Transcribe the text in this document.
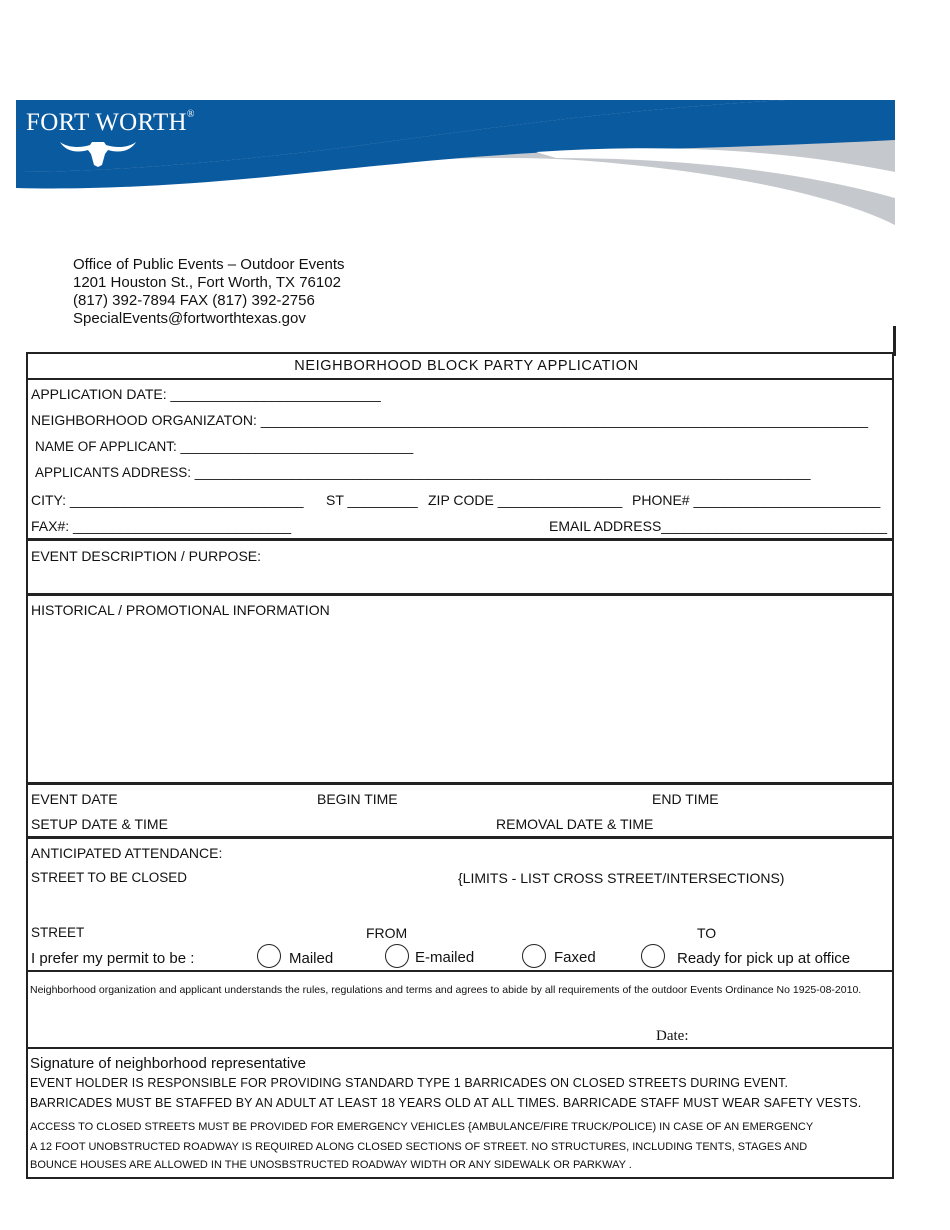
FORT WORTH®
Office of Public Events – Outdoor Events
1201 Houston St., Fort Worth, TX 76102
(817) 392-7894 FAX (817) 392-2756
SpecialEvents@fortworthtexas.gov
NEIGHBORHOOD BLOCK PARTY APPLICATION
APPLICATION DATE: ___________________________
NEIGHBORHOOD ORGANIZATON: ______________________________________________________________________________
NAME OF APPLICANT: _______________________________
APPLICANTS ADDRESS: __________________________________________________________________________________
CITY: ______________________________ ST _________ ZIP CODE ________________ PHONE# ________________________
FAX#: ____________________________	EMAIL ADDRESS_____________________________
EVENT DESCRIPTION / PURPOSE:
HISTORICAL / PROMOTIONAL INFORMATION
EVENT DATE	BEGIN TIME	END TIME
SETUP DATE & TIME	REMOVAL DATE & TIME
ANTICIPATED ATTENDANCE:
STREET TO BE CLOSED	{LIMITS - LIST CROSS STREET/INTERSECTIONS)
STREET	FROM	TO
I prefer my permit to be :	Mailed	E-mailed	Faxed	Ready for pick up at office
Neighborhood organization and applicant understands the rules, regulations and terms and agrees to abide by all requirements of the outdoor Events Ordinance No 1925-08-2010.
Date:
Signature of neighborhood representative
EVENT HOLDER IS RESPONSIBLE FOR PROVIDING STANDARD TYPE 1 BARRICADES ON CLOSED STREETS DURING EVENT.
BARRICADES MUST BE STAFFED BY AN ADULT AT LEAST 18 YEARS OLD AT ALL TIMES. BARRICADE STAFF MUST WEAR SAFETY VESTS.
ACCESS TO CLOSED STREETS MUST BE PROVIDED FOR EMERGENCY VEHICLES {AMBULANCE/FIRE TRUCK/POLICE) IN CASE OF AN EMERGENCY
A 12 FOOT UNOBSTRUCTED ROADWAY IS REQUIRED ALONG CLOSED SECTIONS OF STREET. NO STRUCTURES, INCLUDING TENTS, STAGES AND
BOUNCE HOUSES ARE ALLOWED IN THE UNOSBSTRUCTED ROADWAY WIDTH OR ANY SIDEWALK OR PARKWAY .
